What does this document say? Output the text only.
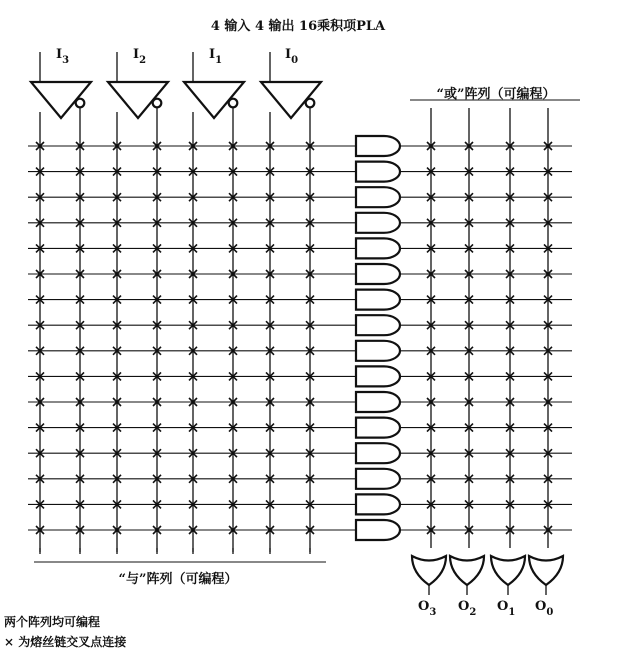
4 输入 4 输出 16乘积项PLA
$I_3$	$I_2$	$I_1$	$I_0$
“或”阵列（可编程）
“与”阵列（可编程）
$O_3$ $O_2$ $O_1$ $O_0$
两个阵列均可编程
× 为熔丝链交叉点连接
